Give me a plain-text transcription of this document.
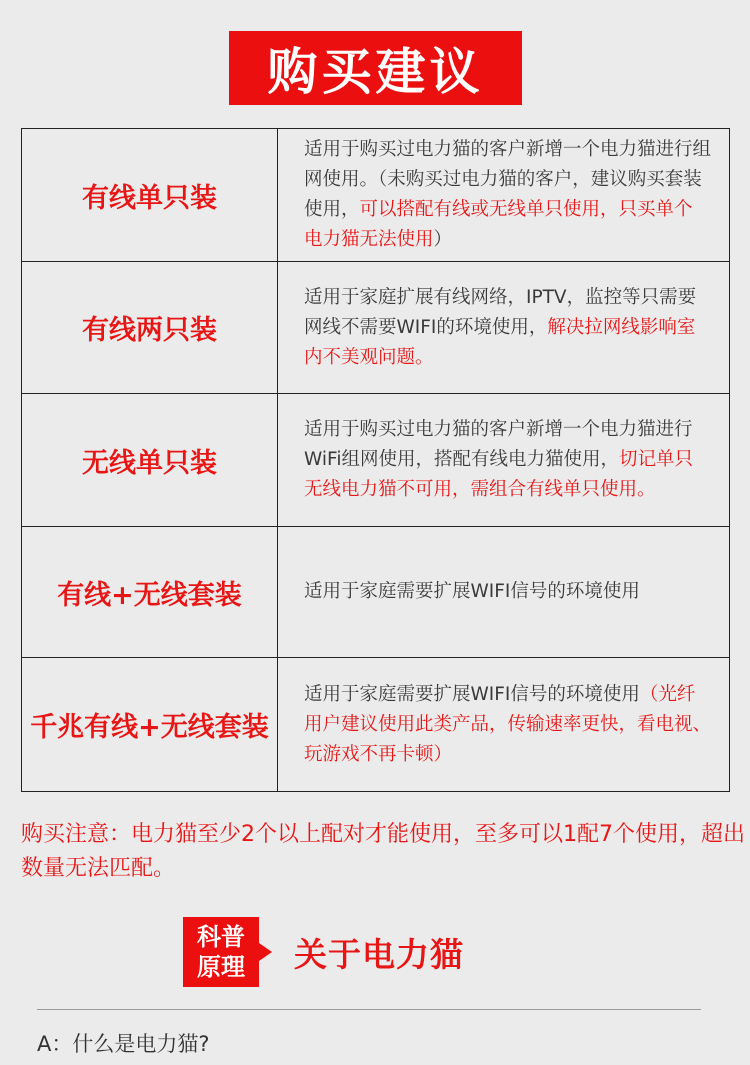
购买建议
有线单只装	适用于购买过电力猫的客户新增一个电力猫进行组网使用。（未购买过电力猫的客户，建议购买套装使用，可以搭配有线或无线单只使用，只买单个电力猫无法使用）
有线两只装	适用于家庭扩展有线网络，IPTV，监控等只需要网线不需要WIFI的环境使用，解决拉网线影响室内不美观问题。
无线单只装	适用于购买过电力猫的客户新增一个电力猫进行WiFi组网使用，搭配有线电力猫使用，切记单只无线电力猫不可用，需组合有线单只使用。
有线+无线套装	适用于家庭需要扩展WIFI信号的环境使用
千兆有线+无线套装	适用于家庭需要扩展WIFI信号的环境使用（光纤用户建议使用此类产品，传输速率更快，看电视、玩游戏不再卡顿）
购买注意：电力猫至少2个以上配对才能使用，至多可以1配7个使用，超出数量无法匹配。
科普
原理	关于电力猫
A：什么是电力猫?
